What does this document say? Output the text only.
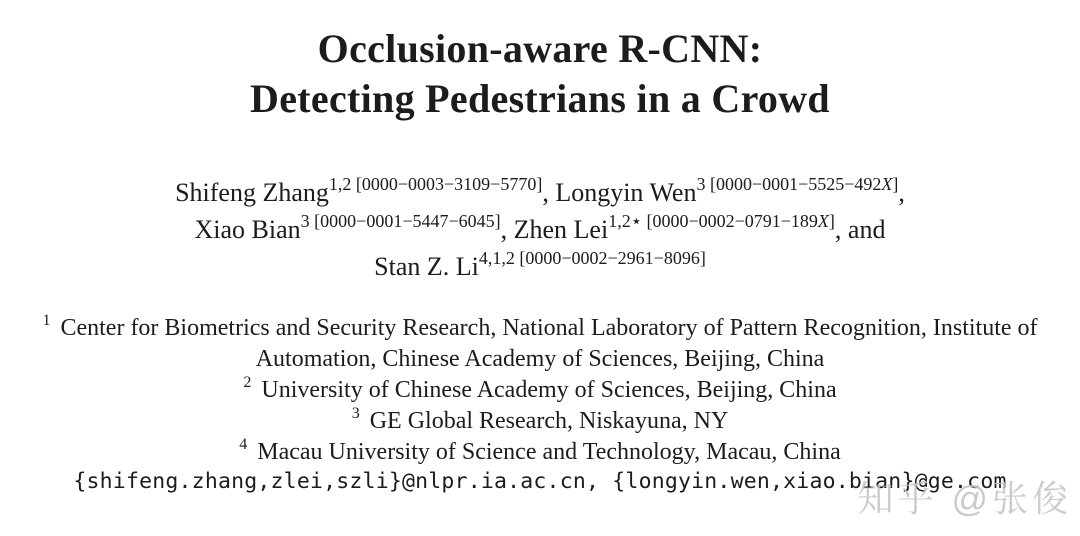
Occlusion-aware R-CNN:
Detecting Pedestrians in a Crowd
Shifeng Zhang$^{1,2 [0000-0003-3109-5770]}$, Longyin Wen$^{3 [0000-0001-5525-492X]}$,
Xiao Bian$^{3 [0000-0001-5447-6045]}$, Zhen Lei$^{1,2⋆ [0000-0002-0791-189X]}$, and
Stan Z. $Li^{4,1,2 [0000-0002-2961-8096]}$
$^1$ Center for Biometrics and Security Research, National Laboratory of Pattern Recognition, Institute of Automation, Chinese Academy of Sciences, Beijing, China
$^2$ University of Chinese Academy of Sciences, Beijing, China
$^3$ GE Global Research, Niskayuna, NY
$^4$ Macau University of Science and Technology, Macau, China
{shifeng.zhang,zlei,szli}@nlpr.ia.ac.cn, {longyin.wen,xiao.bian}@ge.com
知乎 @张俊
